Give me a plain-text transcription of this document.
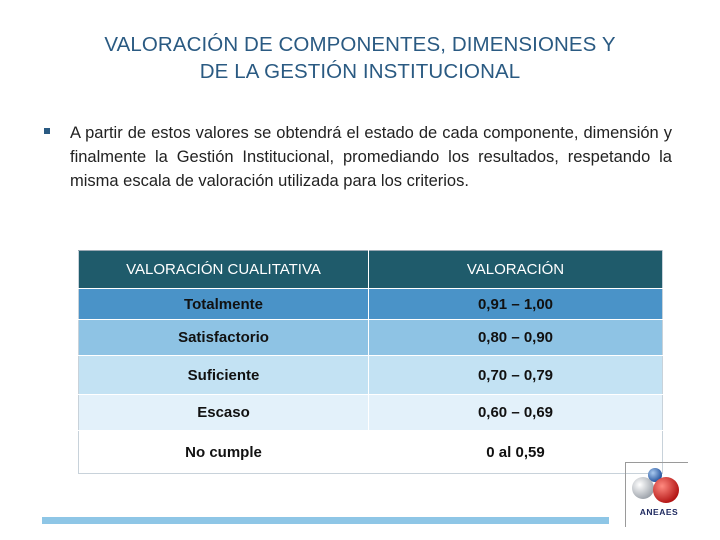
VALORACIÓN DE COMPONENTES, DIMENSIONES Y
DE LA GESTIÓN INSTITUCIONAL
A partir de estos valores se obtendrá el estado de cada componente, dimensión y finalmente la Gestión Institucional, promediando los resultados, respetando la misma escala de valoración utilizada para los criterios.
VALORACIÓN CUALITATIVA	VALORACIÓN
Totalmente	0,91 – 1,00
Satisfactorio	0,80 – 0,90
Suficiente	0,70 – 0,79
Escaso	0,60 – 0,69
No cumple	0 al 0,59
ANEAES
